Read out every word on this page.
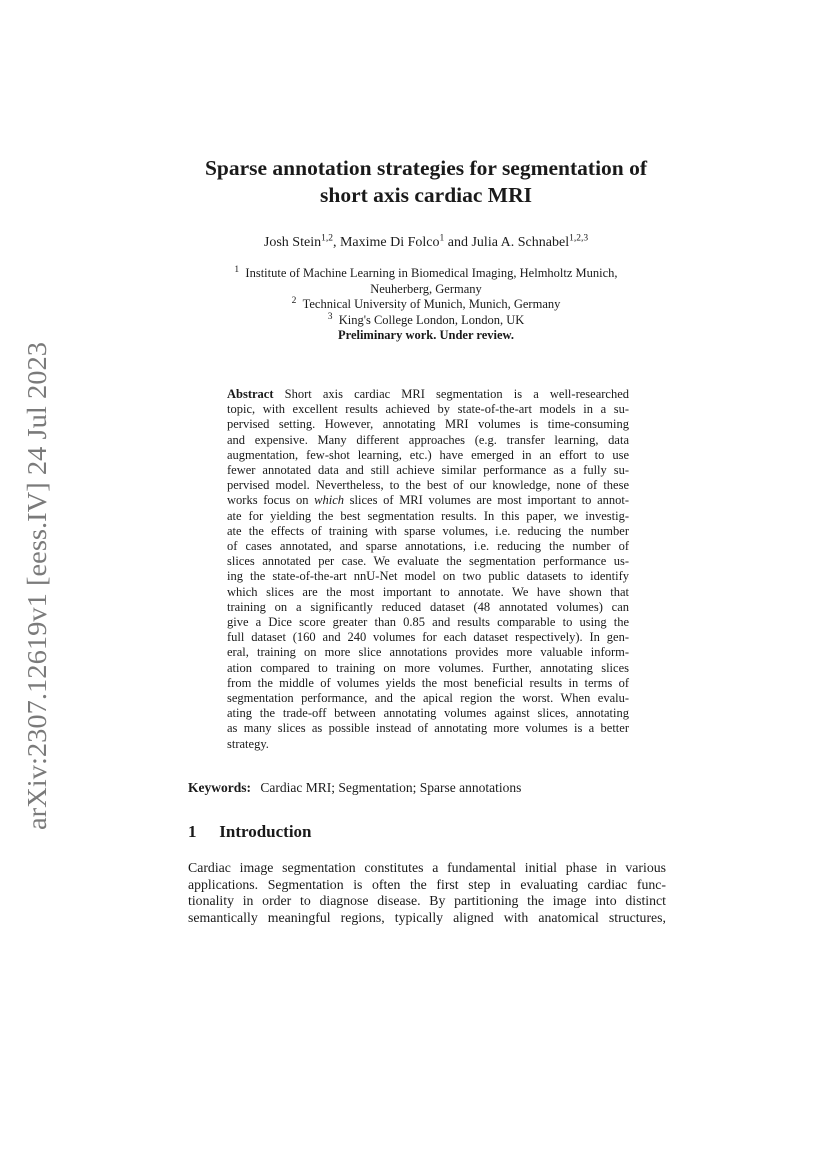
arXiv:2307.12619v1 [eess.IV] 24 Jul 2023
Sparse annotation strategies for segmentation of
short axis cardiac MRI
Josh Stein$^{1,2}$, Maxime Di Folco$^1$ and Julia A. Schnabel$^{1,2,3}$
$^1$  Institute of Machine Learning in Biomedical Imaging, Helmholtz Munich,
Neuherberg, Germany
$^2$  Technical University of Munich, Munich, Germany
$^3$  King's College London, London, UK
Preliminary work. Under review.
Abstract Short axis cardiac MRI segmentation is a well-researched
topic, with excellent results achieved by state-of-the-art models in a su-
pervised setting. However, annotating MRI volumes is time-consuming
and expensive. Many different approaches (e.g. transfer learning, data
augmentation, few-shot learning, etc.) have emerged in an effort to use
fewer annotated data and still achieve similar performance as a fully su-
pervised model. Nevertheless, to the best of our knowledge, none of these
works focus on which slices of MRI volumes are most important to annot-
ate for yielding the best segmentation results. In this paper, we investig-
ate the effects of training with sparse volumes, i.e. reducing the number
of cases annotated, and sparse annotations, i.e. reducing the number of
slices annotated per case. We evaluate the segmentation performance us-
ing the state-of-the-art nnU-Net model on two public datasets to identify
which slices are the most important to annotate. We have shown that
training on a significantly reduced dataset (48 annotated volumes) can
give a Dice score greater than 0.85 and results comparable to using the
full dataset (160 and 240 volumes for each dataset respectively). In gen-
eral, training on more slice annotations provides more valuable inform-
ation compared to training on more volumes. Further, annotating slices
from the middle of volumes yields the most beneficial results in terms of
segmentation performance, and the apical region the worst. When evalu-
ating the trade-off between annotating volumes against slices, annotating
as many slices as possible instead of annotating more volumes is a better
strategy.
Keywords: Cardiac MRI; Segmentation; Sparse annotations
1 Introduction
Cardiac image segmentation constitutes a fundamental initial phase in various
applications. Segmentation is often the first step in evaluating cardiac func-
tionality in order to diagnose disease. By partitioning the image into distinct
semantically meaningful regions, typically aligned with anatomical structures,
